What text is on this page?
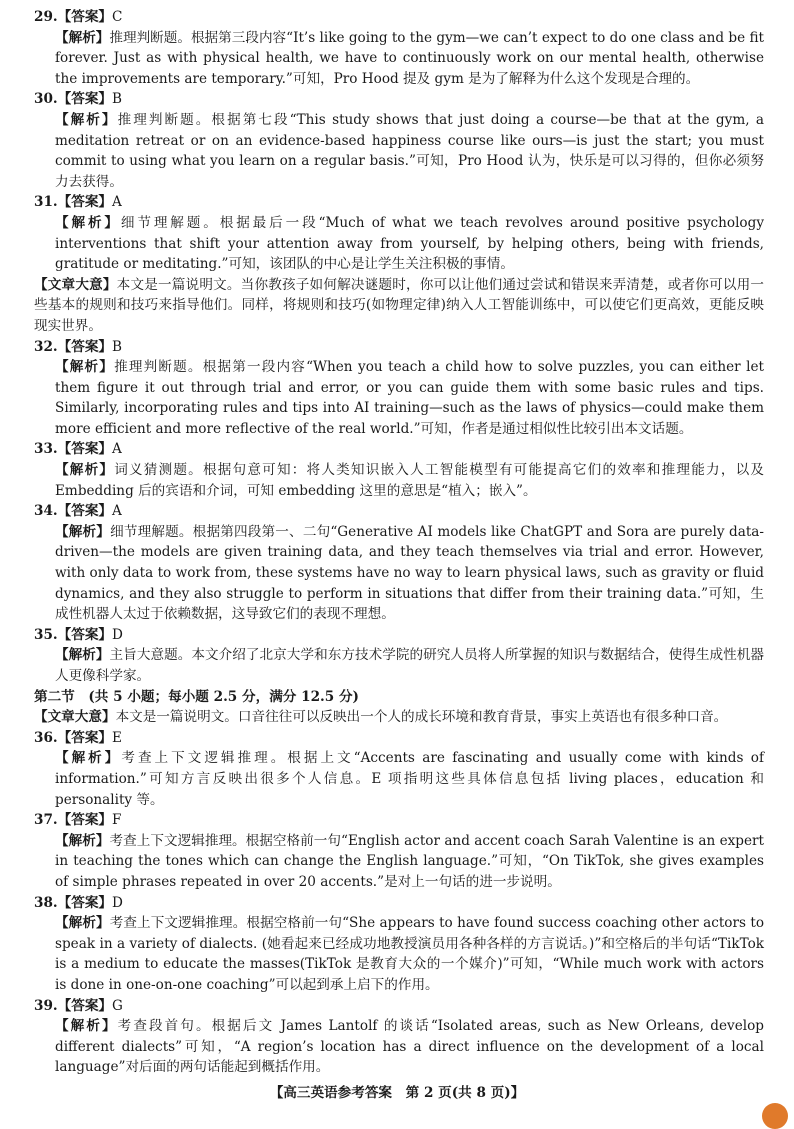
29.【答案】C
【解析】推理判断题。根据第三段内容“It’s like going to the gym—we can’t expect to do one class and be fit forever. Just as with physical health, we have to continuously work on our mental health, otherwise the improvements are temporary.”可知，Pro Hood 提及 gym 是为了解释为什么这个发现是合理的。
30.【答案】B
【解析】推理判断题。根据第七段“This study shows that just doing a course—be that at the gym, a meditation retreat or on an evidence-based happiness course like ours—is just the start; you must commit to using what you learn on a regular basis.”可知，Pro Hood 认为，快乐是可以习得的，但你必须努力去获得。
31.【答案】A
【解析】细节理解题。根据最后一段“Much of what we teach revolves around positive psychology interventions that shift your attention away from yourself, by helping others, being with friends, gratitude or meditating.”可知，该团队的中心是让学生关注积极的事情。
【文章大意】本文是一篇说明文。当你教孩子如何解决谜题时，你可以让他们通过尝试和错误来弄清楚，或者你可以用一些基本的规则和技巧来指导他们。同样，将规则和技巧(如物理定律)纳入人工智能训练中，可以使它们更高效，更能反映现实世界。
32.【答案】B
【解析】推理判断题。根据第一段内容“When you teach a child how to solve puzzles, you can either let them figure it out through trial and error, or you can guide them with some basic rules and tips. Similarly, incorporating rules and tips into AI training—such as the laws of physics—could make them more efficient and more reflective of the real world.”可知，作者是通过相似性比较引出本文话题。
33.【答案】A
【解析】词义猜测题。根据句意可知：将人类知识嵌入人工智能模型有可能提高它们的效率和推理能力，以及 Embedding 后的宾语和介词，可知 embedding 这里的意思是“植入；嵌入”。
34.【答案】A
【解析】细节理解题。根据第四段第一、二句“Generative AI models like ChatGPT and Sora are purely data-driven—the models are given training data, and they teach themselves via trial and error. However, with only data to work from, these systems have no way to learn physical laws, such as gravity or fluid dynamics, and they also struggle to perform in situations that differ from their training data.”可知，生成性机器人太过于依赖数据，这导致它们的表现不理想。
35.【答案】D
【解析】主旨大意题。本文介绍了北京大学和东方技术学院的研究人员将人所掌握的知识与数据结合，使得生成性机器人更像科学家。
第二节　(共 5 小题；每小题 2.5 分，满分 12.5 分)
【文章大意】本文是一篇说明文。口音往往可以反映出一个人的成长环境和教育背景，事实上英语也有很多种口音。
36.【答案】E
【解析】考查上下文逻辑推理。根据上文“Accents are fascinating and usually come with kinds of information.”可知方言反映出很多个人信息。E 项指明这些具体信息包括 living places，education 和 personality 等。
37.【答案】F
【解析】考查上下文逻辑推理。根据空格前一句“English actor and accent coach Sarah Valentine is an expert in teaching the tones which can change the English language.”可知，“On TikTok, she gives examples of simple phrases repeated in over 20 accents.”是对上一句话的进一步说明。
38.【答案】D
【解析】考查上下文逻辑推理。根据空格前一句“She appears to have found success coaching other actors to speak in a variety of dialects. (她看起来已经成功地教授演员用各种各样的方言说话。)”和空格后的半句话“TikTok is a medium to educate the masses(TikTok 是教育大众的一个媒介)”可知，“While much work with actors is done in one-on-one coaching”可以起到承上启下的作用。
39.【答案】G
【解析】考查段首句。根据后文 James Lantolf 的谈话“Isolated areas, such as New Orleans, develop different dialects”可知，“A region’s location has a direct influence on the development of a local language”对后面的两句话能起到概括作用。
【高三英语参考答案　第 2 页(共 8 页)】
